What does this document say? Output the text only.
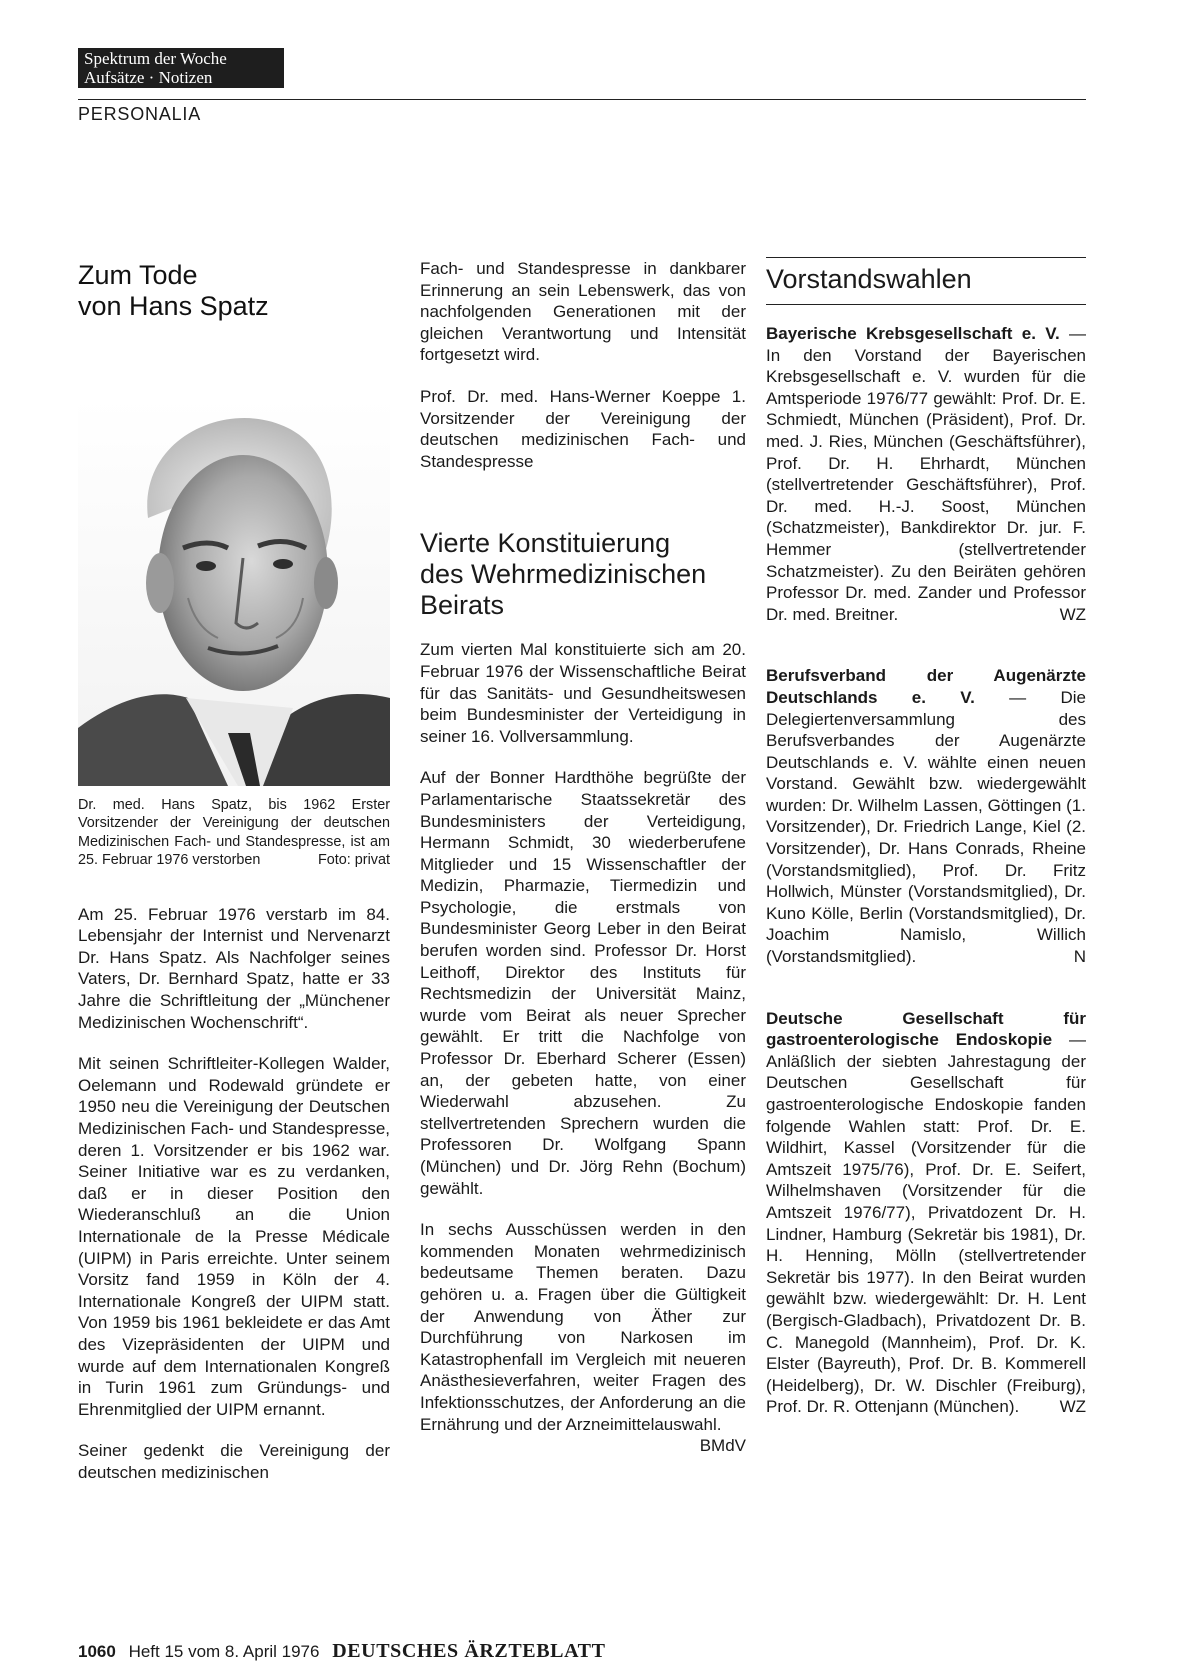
Spektrum der Woche
Aufsätze · Notizen
PERSONALIA
Zum Tode
von Hans Spatz
Dr. med. Hans Spatz, bis 1962 Erster Vorsitzender der Vereinigung der deutschen Medizinischen Fach- und Standespresse, ist am 25. Februar 1976 verstorben	Foto: privat

Am 25. Februar 1976 verstarb im 84. Lebensjahr der Internist und Nervenarzt Dr. Hans Spatz. Als Nachfolger seines Vaters, Dr. Bernhard Spatz, hatte er 33 Jahre die Schriftleitung der „Münchener Medizinischen Wochenschrift“.

Mit seinen Schriftleiter-Kollegen Walder, Oelemann und Rodewald gründete er 1950 neu die Vereinigung der Deutschen Medizinischen Fach- und Standespresse, deren 1. Vorsitzender er bis 1962 war. Seiner Initiative war es zu verdanken, daß er in dieser Position den Wiederanschluß an die Union Internationale de la Presse Médicale (UIPM) in Paris erreichte. Unter seinem Vorsitz fand 1959 in Köln der 4. Internationale Kongreß der UIPM statt. Von 1959 bis 1961 bekleidete er das Amt des Vizepräsidenten der UIPM und wurde auf dem Internationalen Kongreß in Turin 1961 zum Gründungs- und Ehrenmitglied der UIPM ernannt.

Seiner gedenkt die Vereinigung der deutschen medizinischen

Fach- und Standespresse in dankbarer Erinnerung an sein Lebenswerk, das von nachfolgenden Generationen mit der gleichen Verantwortung und Intensität fortgesetzt wird.

Prof. Dr. med. Hans-Werner Koeppe 1. Vorsitzender der Vereinigung der deutschen medizinischen Fach- und Standespresse

Vierte Konstituierung
des Wehrmedizinischen
Beirats

Zum vierten Mal konstituierte sich am 20. Februar 1976 der Wissenschaftliche Beirat für das Sanitäts- und Gesundheitswesen beim Bundesminister der Verteidigung in seiner 16. Vollversammlung.

Auf der Bonner Hardthöhe begrüßte der Parlamentarische Staatssekretär des Bundesministers der Verteidigung, Hermann Schmidt, 30 wiederberufene Mitglieder und 15 Wissenschaftler der Medizin, Pharmazie, Tiermedizin und Psychologie, die erstmals von Bundesminister Georg Leber in den Beirat berufen worden sind. Professor Dr. Horst Leithoff, Direktor des Instituts für Rechtsmedizin der Universität Mainz, wurde vom Beirat als neuer Sprecher gewählt. Er tritt die Nachfolge von Professor Dr. Eberhard Scherer (Essen) an, der gebeten hatte, von einer Wiederwahl abzusehen. Zu stellvertretenden Sprechern wurden die Professoren Dr. Wolfgang Spann (München) und Dr. Jörg Rehn (Bochum) gewählt.

In sechs Ausschüssen werden in den kommenden Monaten wehrmedizinisch bedeutsame Themen beraten. Dazu gehören u. a. Fragen über die Gültigkeit der Anwendung von Äther zur Durchführung von Narkosen im Katastrophenfall im Vergleich mit neueren Anästhesieverfahren, weiter Fragen des Infektionsschutzes, der Anforderung an die Ernährung und der Arzneimittelauswahl.
BMdV

Vorstandswahlen

Bayerische Krebsgesellschaft e. V. — In den Vorstand der Bayerischen Krebsgesellschaft e. V. wurden für die Amtsperiode 1976/77 gewählt: Prof. Dr. E. Schmiedt, München (Präsident), Prof. Dr. med. J. Ries, München (Geschäftsführer), Prof. Dr. H. Ehrhardt, München (stellvertretender Geschäftsführer), Prof. Dr. med. H.-J. Soost, München (Schatzmeister), Bankdirektor Dr. jur. F. Hemmer (stellvertretender Schatzmeister). Zu den Beiräten gehören Professor Dr. med. Zander und Professor Dr. med. Breitner.	WZ

Berufsverband der Augenärzte Deutschlands e. V. — Die Delegiertenversammlung des Berufsverbandes der Augenärzte Deutschlands e. V. wählte einen neuen Vorstand. Gewählt bzw. wiedergewählt wurden: Dr. Wilhelm Lassen, Göttingen (1. Vorsitzender), Dr. Friedrich Lange, Kiel (2. Vorsitzender), Dr. Hans Conrads, Rheine (Vorstandsmitglied), Prof. Dr. Fritz Hollwich, Münster (Vorstandsmitglied), Dr. Kuno Kölle, Berlin (Vorstandsmitglied), Dr. Joachim Namislo, Willich (Vorstandsmitglied).	N

Deutsche Gesellschaft für gastroenterologische Endoskopie — Anläßlich der siebten Jahrestagung der Deutschen Gesellschaft für gastroenterologische Endoskopie fanden folgende Wahlen statt: Prof. Dr. E. Wildhirt, Kassel (Vorsitzender für die Amtszeit 1975/76), Prof. Dr. E. Seifert, Wilhelmshaven (Vorsitzender für die Amtszeit 1976/77), Privatdozent Dr. H. Lindner, Hamburg (Sekretär bis 1981), Dr. H. Henning, Mölln (stellvertretender Sekretär bis 1977). In den Beirat wurden gewählt bzw. wiedergewählt: Dr. H. Lent (Bergisch-Gladbach), Privatdozent Dr. B. C. Manegold (Mannheim), Prof. Dr. K. Elster (Bayreuth), Prof. Dr. B. Kommerell (Heidelberg), Dr. W. Dischler (Freiburg), Prof. Dr. R. Ottenjann (München). WZ

1060 Heft 15 vom 8. April 1976 DEUTSCHES ÄRZTEBLATT
